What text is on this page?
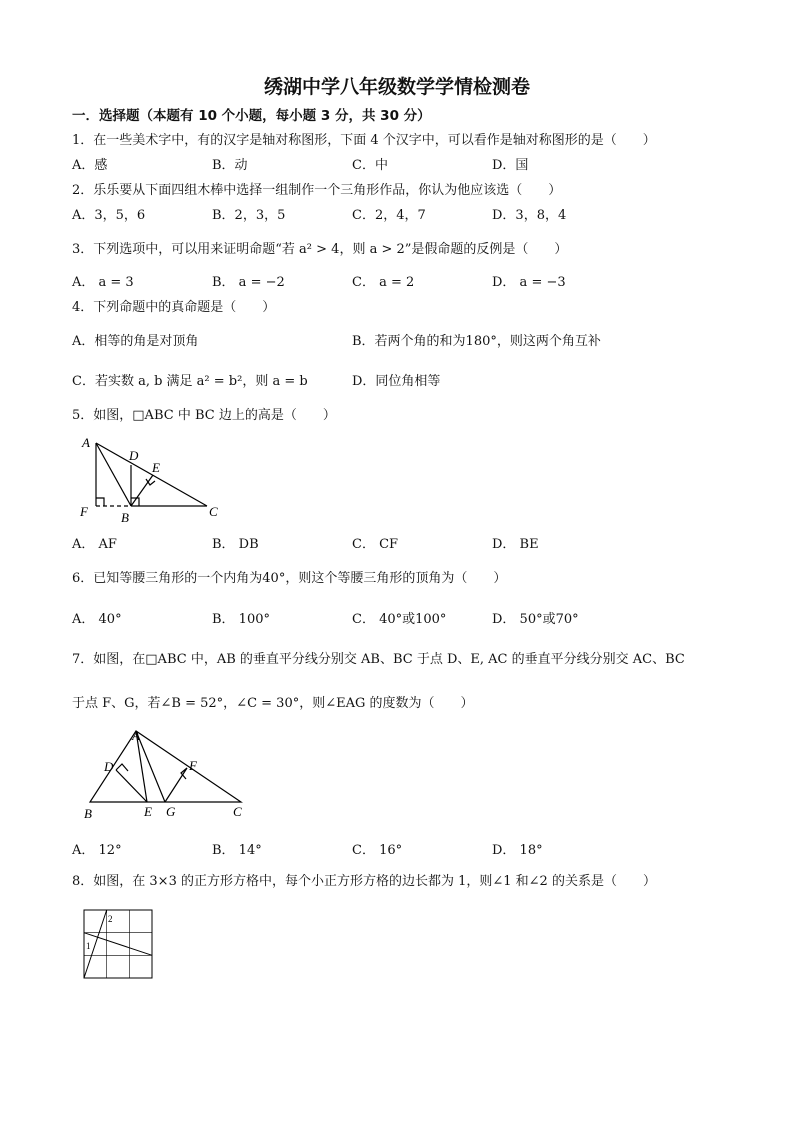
绣湖中学八年级数学学情检测卷
一．选择题（本题有 10 个小题，每小题 3 分，共 30 分）
1．在一些美术字中，有的汉字是轴对称图形，下面 4 个汉字中，可以看作是轴对称图形的是（　　）
A．感	B．动	C．中	D．国
2．乐乐要从下面四组木棒中选择一组制作一个三角形作品，你认为他应该选（　　）
A．3，5，6	B．2，3，5	C．2，4，7	D．3，8，4
3．下列选项中，可以用来证明命题“若 a² > 4，则 a > 2”是假命题的反例是（　　）
A． a = 3	B． a = −2	C． a = 2	D． a = −3
4．下列命题中的真命题是（　　）
A．相等的角是对顶角	B．若两个角的和为180°，则这两个角互补
C．若实数 a, b 满足 a² = b²，则 a = b	D．同位角相等
5．如图，□ABC 中 BC 边上的高是（　　）
A
D
E
F	B	C
A． AF	B． DB	C． CF	D． BE
6．已知等腰三角形的一个内角为40°，则这个等腰三角形的顶角为（　　）
A． 40°	B． 100°	C． 40°或100°	D． 50°或70°
7．如图，在□ABC 中，AB 的垂直平分线分别交 AB、BC 于点 D、E, AC 的垂直平分线分别交 AC、BC
于点 F、G，若∠B = 52°，∠C = 30°，则∠EAG 的度数为（　　）
A
D	F
B	E G	C
A． 12°	B． 14°	C． 16°	D． 18°
8．如图，在 3×3 的正方形方格中，每个小正方形方格的边长都为 1，则∠1 和∠2 的关系是（　　）
1
2
